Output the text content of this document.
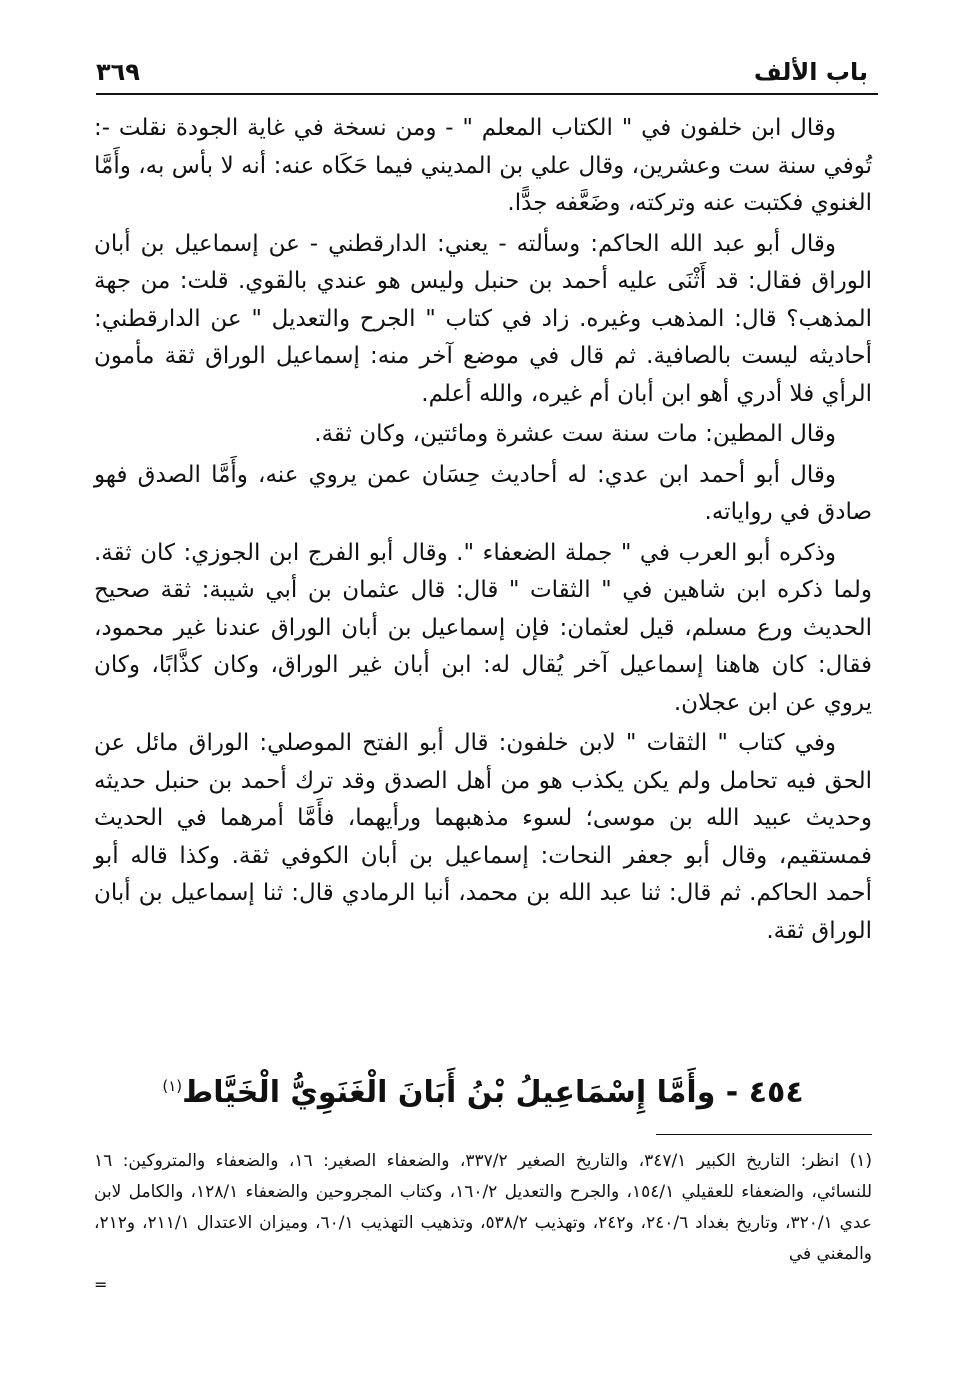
باب الألف
٣٦٩

وقال ابن خلفون في " الكتاب المعلم " - ومن نسخة في غاية الجودة نقلت -: تُوفي سنة ست وعشرين، وقال علي بن المديني فيما حَكَاه عنه: أنه لا بأس به، وأَمَّا الغنوي فكتبت عنه وتركته، وضَعَّفه جدًّا.

وقال أبو عبد الله الحاكم: وسألته - يعني: الدارقطني - عن إسماعيل بن أبان الوراق فقال: قد أَثْنَى عليه أحمد بن حنبل وليس هو عندي بالقوي. قلت: من جهة المذهب؟ قال: المذهب وغيره. زاد في كتاب " الجرح والتعديل " عن الدارقطني: أحاديثه ليست بالصافية. ثم قال في موضع آخر منه: إسماعيل الوراق ثقة مأمون الرأي فلا أدري أهو ابن أبان أم غيره، والله أعلم.

وقال المطين: مات سنة ست عشرة ومائتين، وكان ثقة.

وقال أبو أحمد ابن عدي: له أحاديث حِسَان عمن يروي عنه، وأَمَّا الصدق فهو صادق في رواياته.

وذكره أبو العرب في " جملة الضعفاء ". وقال أبو الفرج ابن الجوزي: كان ثقة. ولما ذكره ابن شاهين في " الثقات " قال: قال عثمان بن أبي شيبة: ثقة صحيح الحديث ورع مسلم، قيل لعثمان: فإن إسماعيل بن أبان الوراق عندنا غير محمود، فقال: كان هاهنا إسماعيل آخر يُقال له: ابن أبان غير الوراق، وكان كذَّابًا، وكان يروي عن ابن عجلان.

وفي كتاب " الثقات " لابن خلفون: قال أبو الفتح الموصلي: الوراق مائل عن الحق فيه تحامل ولم يكن يكذب هو من أهل الصدق وقد ترك أحمد بن حنبل حديثه وحديث عبيد الله بن موسى؛ لسوء مذهبهما ورأيهما، فأَمَّا أمرهما في الحديث فمستقيم، وقال أبو جعفر النحات: إسماعيل بن أبان الكوفي ثقة. وكذا قاله أبو أحمد الحاكم. ثم قال: ثنا عبد الله بن محمد، أنبا الرمادي قال: ثنا إسماعيل بن أبان الوراق ثقة.

٤٥٤ - وأَمَّا إِسْمَاعِيلُ بْنُ أَبَانَ الْغَنَوِيُّ الْخَيَّاط$^{(١)}$

(١) انظر: التاريخ الكبير ٣٤٧/١، والتاريخ الصغير ٣٣٧/٢، والضعفاء الصغير: ١٦، والضعفاء والمتروكين: ١٦ للنسائي، والضعفاء للعقيلي ١٥٤/١، والجرح والتعديل ١٦٠/٢، وكتاب المجروحين والضعفاء ١٢٨/١، والكامل لابن عدي ٣٢٠/١، وتاريخ بغداد ٢٤٠/٦، و٢٤٢، وتهذيب ٥٣٨/٢، وتذهيب التهذيب ٦٠/١، وميزان الاعتدال ٢١١/١، و٢١٢، والمغني في

=
